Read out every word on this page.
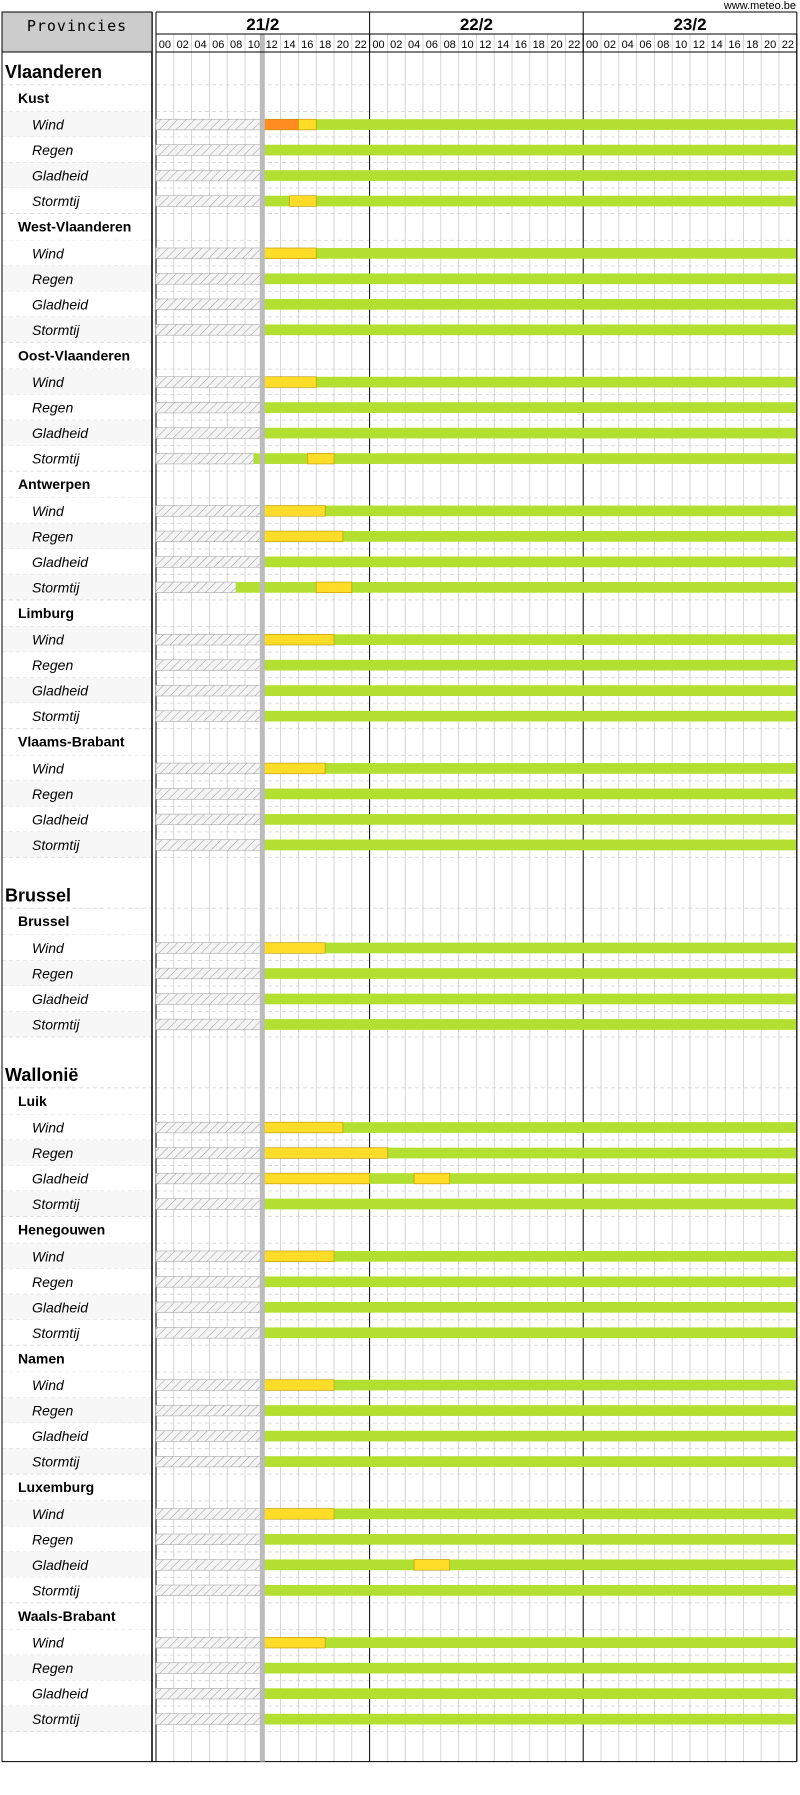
Vlaanderen
Kust
Wind
Regen
Gladheid
Stormtij
West-Vlaanderen
Wind
Regen
Gladheid
Stormtij
Oost-Vlaanderen
Wind
Regen
Gladheid
Stormtij
Antwerpen
Wind
Regen
Gladheid
Stormtij
Limburg
Wind
Regen
Gladheid
Stormtij
Vlaams-Brabant
Wind
Regen
Gladheid
Stormtij
Brussel
Brussel
Wind
Regen
Gladheid
Stormtij
Wallonië
Luik
Wind
Regen
Gladheid
Stormtij
Henegouwen
Wind
Regen
Gladheid
Stormtij
Namen
Wind
Regen
Gladheid
Stormtij
Luxemburg
Wind
Regen
Gladheid
Stormtij
Waals-Brabant
Wind
Regen
Gladheid
Stormtij
Provincies
www.meteo.be
21/2
00 02 04 06 08 10 12 14 16 18 20 22
22/2
00 02 04 06 08 10 12 14 16 18 20 22
23/2
00 02 04 06 08 10 12 14 16 18 20 22
